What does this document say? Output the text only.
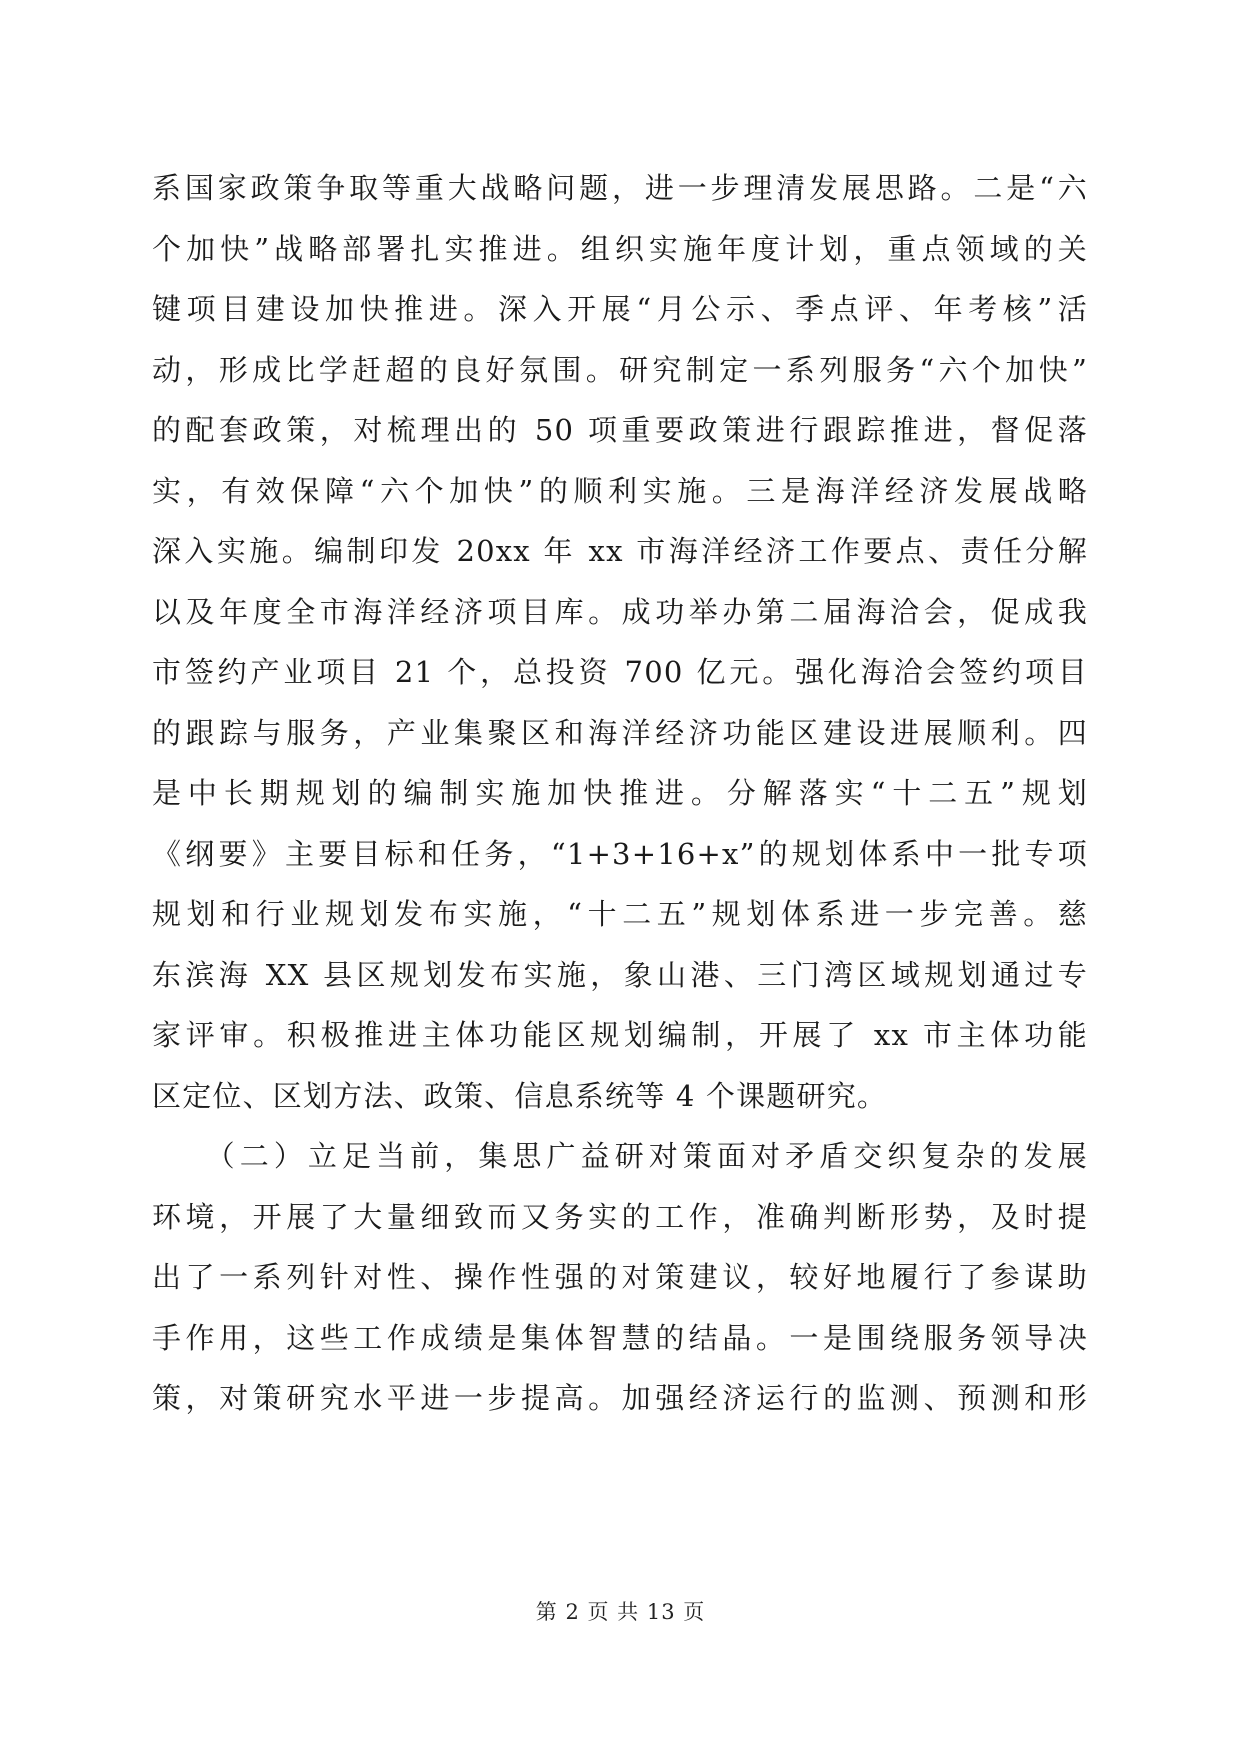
系国家政策争取等重大战略问题，进一步理清发展思路。二是“六
个加快”战略部署扎实推进。组织实施年度计划，重点领域的关
键项目建设加快推进。深入开展“月公示、季点评、年考核”活
动，形成比学赶超的良好氛围。研究制定一系列服务“六个加快”
的配套政策，对梳理出的 50 项重要政策进行跟踪推进，督促落
实，有效保障“六个加快”的顺利实施。三是海洋经济发展战略
深入实施。编制印发 20xx 年 xx 市海洋经济工作要点、责任分解
以及年度全市海洋经济项目库。成功举办第二届海洽会，促成我
市签约产业项目 21 个，总投资 700 亿元。强化海洽会签约项目
的跟踪与服务，产业集聚区和海洋经济功能区建设进展顺利。四
是中长期规划的编制实施加快推进。分解落实“十二五”规划
《纲要》主要目标和任务，“1+3+16+x”的规划体系中一批专项
规划和行业规划发布实施，“十二五”规划体系进一步完善。慈
东滨海 XX 县区规划发布实施，象山港、三门湾区域规划通过专
家评审。积极推进主体功能区规划编制，开展了 xx 市主体功能
区定位、区划方法、政策、信息系统等 4 个课题研究。
　　（二）立足当前，集思广益研对策面对矛盾交织复杂的发展
环境，开展了大量细致而又务实的工作，准确判断形势，及时提
出了一系列针对性、操作性强的对策建议，较好地履行了参谋助
手作用，这些工作成绩是集体智慧的结晶。一是围绕服务领导决
策，对策研究水平进一步提高。加强经济运行的监测、预测和形
第 2 页 共 13 页
